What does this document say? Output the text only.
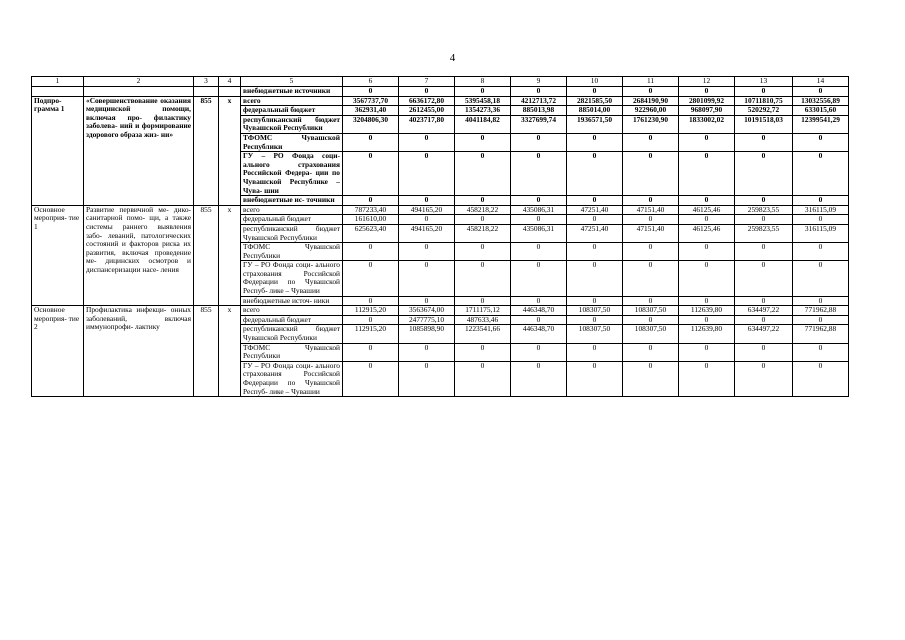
4
1	2	3	4	5	6	7	8	9	10	11	12	13	14
				внебюджетные источники	0	0	0	0	0	0	0	0	0
Подпро- грамма 1	«Совершенствование оказания медицинской помощи, включая про- филактику заболева- ний и формирование здорового образа жиз- ни»	855	x	всего	3567737,70	6636172,80	5395458,18	4212713,72	2821585,50	2684190,90	2801099,92	10711810,75	13032556,89
				федеральный бюджет	362931,40	2612455,00	1354273,36	885013,98	885014,00	922960,00	968097,90	520292,72	633015,60
				республиканский бюджет Чувашской Республики	3204806,30	4023717,80	4041184,82	3327699,74	1936571,50	1761230,90	1833002,02	10191518,03	12399541,29
				ТФОМС Чувашской Республики	0	0	0	0	0	0	0	0	0
				ГУ – РО Фонда соци- ального страхования Российской Федера- ции по Чувашской Республике – Чува- шии	0	0	0	0	0	0	0	0	0
				внебюджетные ис- точники	0	0	0	0	0	0	0	0	0
Основное мероприя- тие 1	Развитие первичной ме- дико-санитарной помо- щи, а также системы раннего выявления забо- леваний, патологических состояний и факторов риска их развития, включая проведение ме- дицинских осмотров и диспансеризации насе- ления	855	x	всего	787233,40	494165,20	458218,22	435086,31	47251,40	47151,40	46125,46	259823,55	316115,09
				федеральный бюджет	161610,00	0	0	0	0	0	0	0	0
				республиканский бюджет Чувашской Республики	625623,40	494165,20	458218,22	435086,31	47251,40	47151,40	46125,46	259823,55	316115,09
				ТФОМС Чувашской Республики	0	0	0	0	0	0	0	0	0
				ГУ – РО Фонда соци- ального страхования Российской Федерации по Чувашской Респуб- лике – Чувашии	0	0	0	0	0	0	0	0	0
				внебюджетные источ- ники	0	0	0	0	0	0	0	0	0
Основное мероприя- тие 2	Профилактика инфекци- онных заболеваний, включая иммунопрофи- лактику	855	x	всего	112915,20	3563674,00	1711175,12	446348,70	108307,50	108307,50	112639,80	634497,22	771962,88
				федеральный бюджет	0	2477775,10	487633,46	0	0	0	0	0	0
				республиканский бюджет Чувашской Республики	112915,20	1085898,90	1223541,66	446348,70	108307,50	108307,50	112639,80	634497,22	771962,88
				ТФОМС Чувашской Республики	0	0	0	0	0	0	0	0	0
				ГУ – РО Фонда соци- ального страхования Российской Федерации по Чувашской Респуб- лике – Чувашии	0	0	0	0	0	0	0	0	0
